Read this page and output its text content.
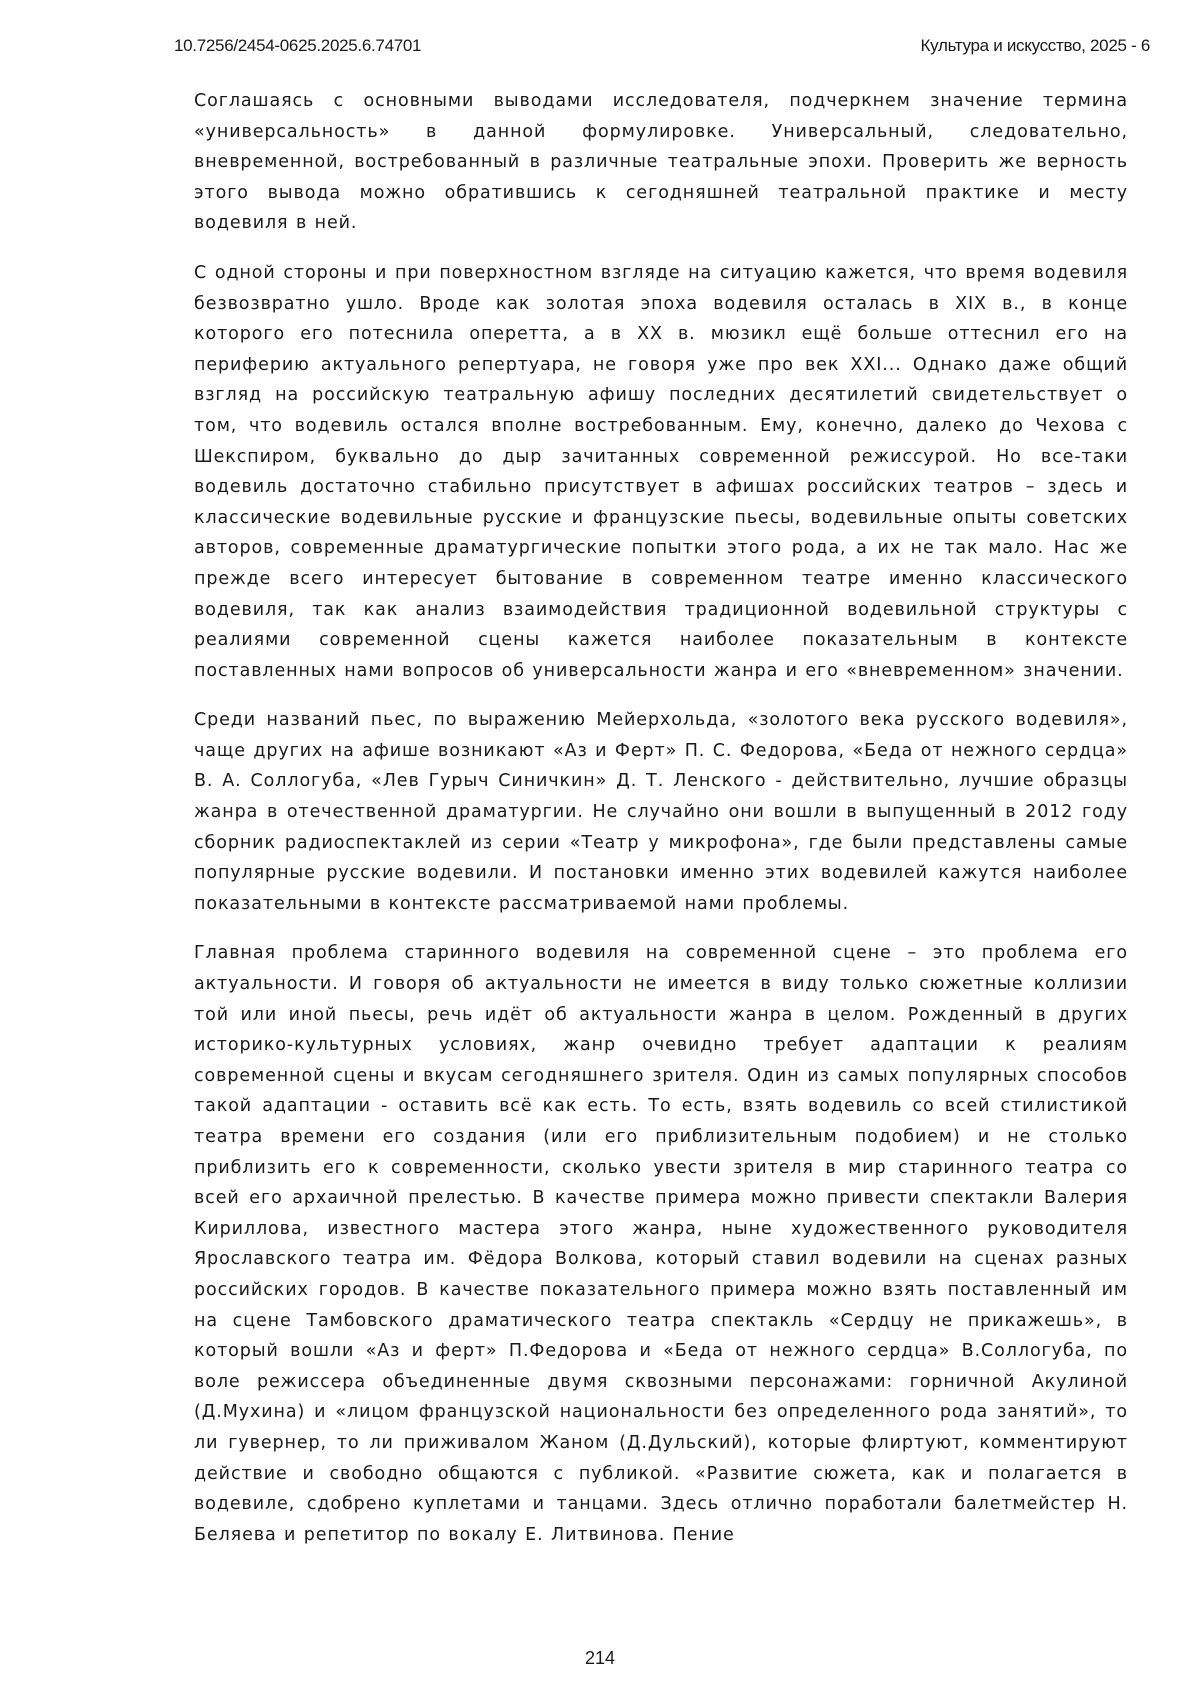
10.7256/2454-0625.2025.6.74701	Культура и искусство, 2025 - 6

Соглашаясь с основными выводами исследователя, подчеркнем значение термина «универсальность» в данной формулировке. Универсальный, следовательно, вневременной, востребованный в различные театральные эпохи. Проверить же верность этого вывода можно обратившись к сегодняшней театральной практике и месту водевиля в ней.

С одной стороны и при поверхностном взгляде на ситуацию кажется, что время водевиля безвозвратно ушло. Вроде как золотая эпоха водевиля осталась в XIX в., в конце которого его потеснила оперетта, а в XX в. мюзикл ещё больше оттеснил его на периферию актуального репертуара, не говоря уже про век XXI... Однако даже общий взгляд на российскую театральную афишу последних десятилетий свидетельствует о том, что водевиль остался вполне востребованным. Ему, конечно, далеко до Чехова с Шекспиром, буквально до дыр зачитанных современной режиссурой. Но все-таки водевиль достаточно стабильно присутствует в афишах российских театров – здесь и классические водевильные русские и французские пьесы, водевильные опыты советских авторов, современные драматургические попытки этого рода, а их не так мало. Нас же прежде всего интересует бытование в современном театре именно классического водевиля, так как анализ взаимодействия традиционной водевильной структуры с реалиями современной сцены кажется наиболее показательным в контексте поставленных нами вопросов об универсальности жанра и его «вневременном» значении.

Среди названий пьес, по выражению Мейерхольда, «золотого века русского водевиля», чаще других на афише возникают «Аз и Ферт» П. С. Федорова, «Беда от нежного сердца» В. А. Соллогуба, «Лев Гурыч Синичкин» Д. Т. Ленского - действительно, лучшие образцы жанра в отечественной драматургии. Не случайно они вошли в выпущенный в 2012 году сборник радиоспектаклей из серии «Театр у микрофона», где были представлены самые популярные русские водевили. И постановки именно этих водевилей кажутся наиболее показательными в контексте рассматриваемой нами проблемы.

Главная проблема старинного водевиля на современной сцене – это проблема его актуальности. И говоря об актуальности не имеется в виду только сюжетные коллизии той или иной пьесы, речь идёт об актуальности жанра в целом. Рожденный в других историко-культурных условиях, жанр очевидно требует адаптации к реалиям современной сцены и вкусам сегодняшнего зрителя. Один из самых популярных способов такой адаптации - оставить всё как есть. То есть, взять водевиль со всей стилистикой театра времени его создания (или его приблизительным подобием) и не столько приблизить его к современности, сколько увести зрителя в мир старинного театра со всей его архаичной прелестью. В качестве примера можно привести спектакли Валерия Кириллова, известного мастера этого жанра, ныне художественного руководителя Ярославского театра им. Фёдора Волкова, который ставил водевили на сценах разных российских городов. В качестве показательного примера можно взять поставленный им на сцене Тамбовского драматического театра спектакль «Сердцу не прикажешь», в который вошли «Аз и ферт» П.Федорова и «Беда от нежного сердца» В.Соллогуба, по воле режиссера объединенные двумя сквозными персонажами: горничной Акулиной (Д.Мухина) и «лицом французской национальности без определенного рода занятий», то ли гувернер, то ли приживалом Жаном (Д.Дульский), которые флиртуют, комментируют действие и свободно общаются с публикой. «Развитие сюжета, как и полагается в водевиле, сдобрено куплетами и танцами. Здесь отлично поработали балетмейстер Н. Беляева и репетитор по вокалу Е. Литвинова. Пение

214
